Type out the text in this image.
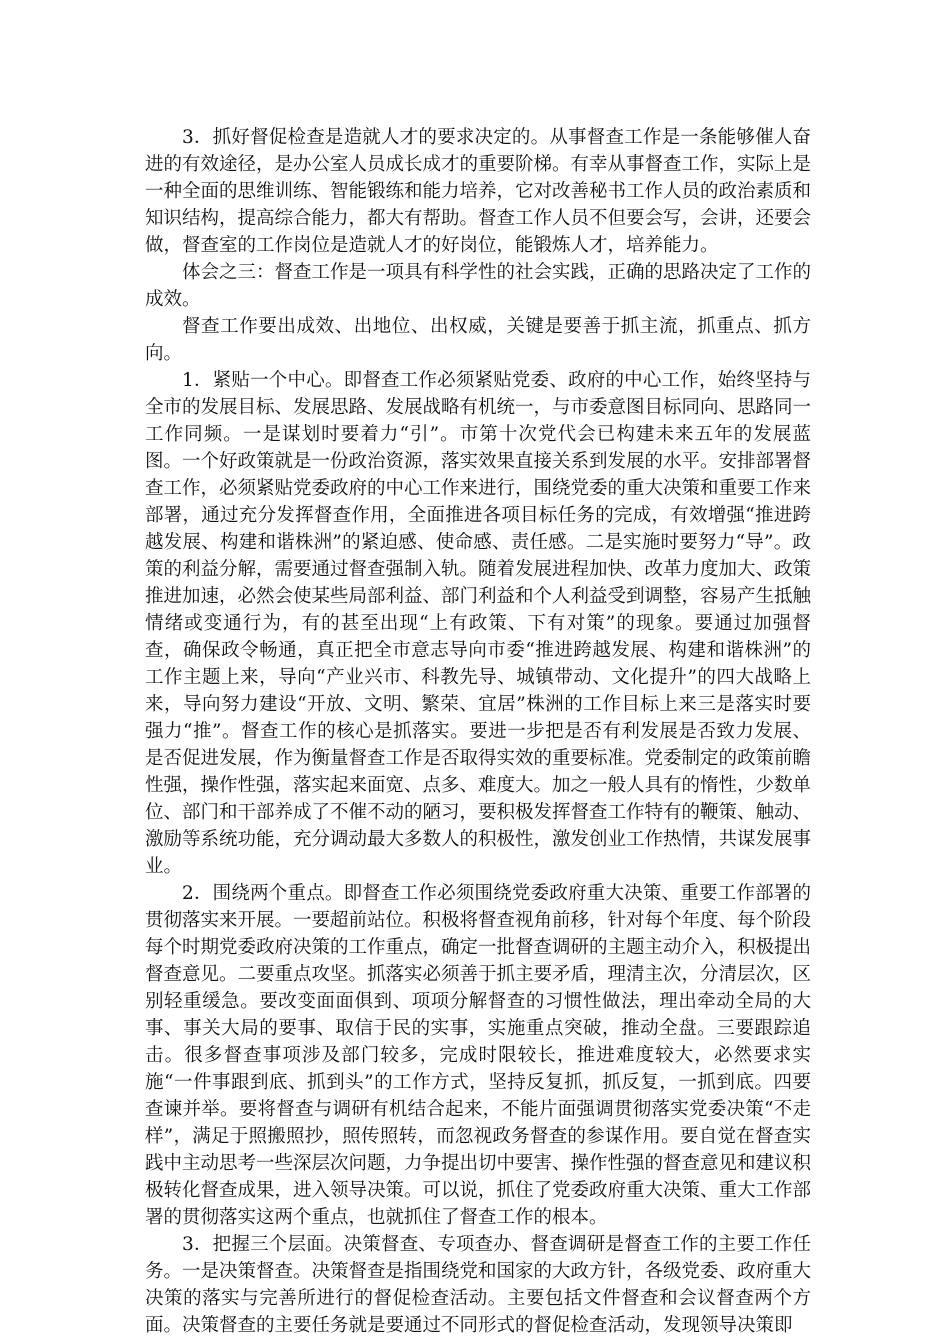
3．抓好督促检查是造就人才的要求决定的。从事督查工作是一条能够催人奋进的有效途径，是办公室人员成长成才的重要阶梯。有幸从事督查工作，实际上是一种全面的思维训练、智能锻练和能力培养，它对改善秘书工作人员的政治素质和知识结构，提高综合能力，都大有帮助。督查工作人员不但要会写，会讲，还要会做，督查室的工作岗位是造就人才的好岗位，能锻炼人才，培养能力。

体会之三：督查工作是一项具有科学性的社会实践，正确的思路决定了工作的成效。

督查工作要出成效、出地位、出权威，关键是要善于抓主流，抓重点、抓方向。

1．紧贴一个中心。即督查工作必须紧贴党委、政府的中心工作，始终坚持与全市的发展目标、发展思路、发展战略有机统一，与市委意图目标同向、思路同一工作同频。一是谋划时要着力“引”。市第十次党代会已构建未来五年的发展蓝图。一个好政策就是一份政治资源，落实效果直接关系到发展的水平。安排部署督查工作，必须紧贴党委政府的中心工作来进行，围绕党委的重大决策和重要工作来部署，通过充分发挥督查作用，全面推进各项目标任务的完成，有效增强“推进跨越发展、构建和谐株洲”的紧迫感、使命感、责任感。二是实施时要努力“导”。政策的利益分解，需要通过督查强制入轨。随着发展进程加快、改革力度加大、政策推进加速，必然会使某些局部利益、部门利益和个人利益受到调整，容易产生抵触情绪或变通行为，有的甚至出现“上有政策、下有对策”的现象。要通过加强督查，确保政令畅通，真正把全市意志导向市委“推进跨越发展、构建和谐株洲”的工作主题上来，导向“产业兴市、科教先导、城镇带动、文化提升”的四大战略上来，导向努力建设“开放、文明、繁荣、宜居”株洲的工作目标上来三是落实时要强力“推”。督查工作的核心是抓落实。要进一步把是否有利发展是否致力发展、是否促进发展，作为衡量督查工作是否取得实效的重要标准。党委制定的政策前瞻性强，操作性强，落实起来面宽、点多、难度大。加之一般人具有的惰性，少数单位、部门和干部养成了不催不动的陋习，要积极发挥督查工作特有的鞭策、触动、激励等系统功能，充分调动最大多数人的积极性，激发创业工作热情，共谋发展事业。

2．围绕两个重点。即督查工作必须围绕党委政府重大决策、重要工作部署的贯彻落实来开展。一要超前站位。积极将督查视角前移，针对每个年度、每个阶段每个时期党委政府决策的工作重点，确定一批督查调研的主题主动介入，积极提出督查意见。二要重点攻坚。抓落实必须善于抓主要矛盾，理清主次，分清层次，区别轻重缓急。要改变面面俱到、项项分解督查的习惯性做法，理出牵动全局的大事、事关大局的要事、取信于民的实事，实施重点突破，推动全盘。三要跟踪追击。很多督查事项涉及部门较多，完成时限较长，推进难度较大，必然要求实施“一件事跟到底、抓到头”的工作方式，坚持反复抓，抓反复，一抓到底。四要查谏并举。要将督查与调研有机结合起来，不能片面强调贯彻落实党委决策“不走样”，满足于照搬照抄，照传照转，而忽视政务督查的参谋作用。要自觉在督查实践中主动思考一些深层次问题，力争提出切中要害、操作性强的督查意见和建议积极转化督查成果，进入领导决策。可以说，抓住了党委政府重大决策、重大工作部署的贯彻落实这两个重点，也就抓住了督查工作的根本。

3．把握三个层面。决策督查、专项查办、督查调研是督查工作的主要工作任务。一是决策督查。决策督查是指围绕党和国家的大政方针，各级党委、政府重大决策的落实与完善所进行的督促检查活动。主要包括文件督查和会议督查两个方面。决策督查的主要任务就是要通过不同形式的督促检查活动，发现领导决策即
